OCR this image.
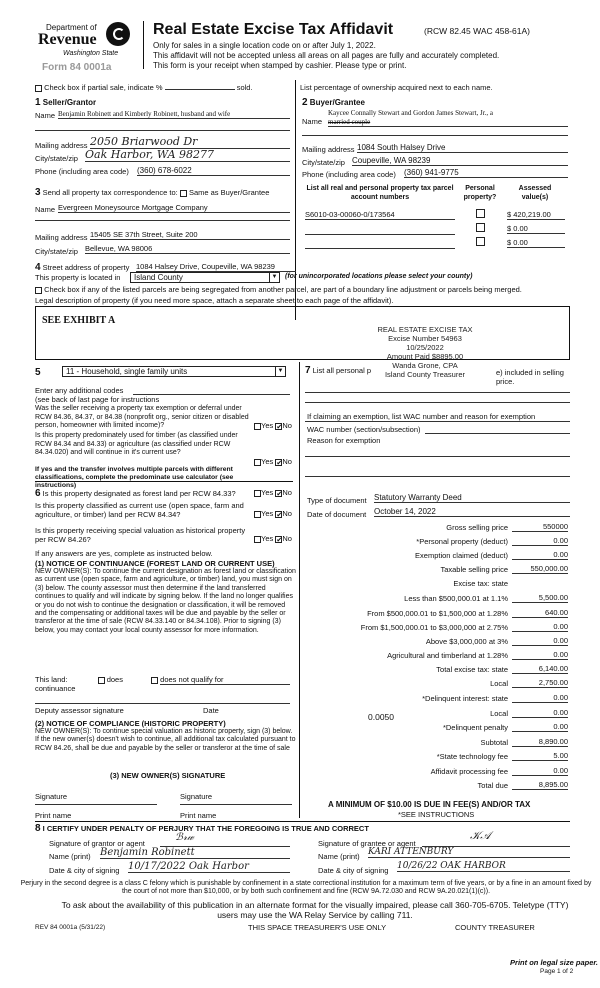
Department of
Revenue
Washington State
Form 84 0001a
Real Estate Excise Tax Affidavit	(RCW 82.45 WAC 458-61A)
Only for sales in a single location code on or after July 1, 2022.
This affidavit will not be accepted unless all areas on all pages are fully and accurately completed.
This form is your receipt when stamped by cashier. Please type or print.
Check box if partial sale, indicate %	sold.	List percentage of ownership acquired next to each name.
1 Seller/Grantor
Name Benjamin Robinett and Kimberly Robinett, husband and wife
Mailing address 2050 Briarwood Dr
City/state/zip Oak Harbor, WA 98277
Phone (including area code) (360) 678-6022
2 Buyer/Grantee
Name
Kaycee Connally Stewart and Gordon James Stewart, Jr., a
married couple
Mailing address 1084 South Halsey Drive
City/state/zip Coupeville, WA 98239
Phone (including area code) (360) 941-9775
3 Send all property tax correspondence to: Same as Buyer/Grantee
Name Evergreen Moneysource Mortgage Company
Mailing address 15405 SE 37th Street, Suite 200
City/state/zip Bellevue, WA 98006
List all real and personal property tax parcel account numbers
Personal property?
Assessed value(s)
S6010-03-00060-0/173564	$ 420,219.00
$ 0.00
$ 0.00
4 Street address of property 1084 Halsey Drive, Coupeville, WA 98239
This property is located in	Island County	▼ (for unincorporated locations please select your county)
Check box if any of the listed parcels are being segregated from another parcel, are part of a boundary line adjustment or parcels being merged.
Legal description of property (if you need more space, attach a separate sheet to each page of the affidavit).
SEE EXHIBIT A
REAL ESTATE EXCISE TAX
Excise Number 54963
10/25/2022
Amount Paid $8895.00
Wanda Grone, CPA
Island County Treasurer
5	11 - Household, single family units	▼
Enter any additional codes
(see back of last page for instructions
Was the seller receiving a property tax exemption or deferral under RCW 84.36, 84.37, or 84.38 (nonprofit org., senior citizen or disabled person, homeowner with limited income)?	Yes ✔ No
Is this property predominately used for timber (as classified under RCW 84.34 and 84.33) or agriculture (as classified under RCW 84.34.020) and will continue in it's current use?
If yes and the transfer involves multiple parcels with different classifications, complete the predominate use calculator (see instructions)
Yes ✔ No
7 List all personal p	e) included in selling price.
If claiming an exemption, list WAC number and reason for exemption
WAC number (section/subsection)
Reason for exemption
6 Is this property designated as forest land per RCW 84.33?	Yes ✔ No
Is this property classified as current use (open space, farm and agriculture, or timber) land per RCW 84.34?	Yes ✔ No
Is this property receiving special valuation as historical property per RCW 84.26?	Yes ✔ No
If any answers are yes, complete as instructed below.
(1) NOTICE OF CONTINUANCE (FOREST LAND OR CURRENT USE)
NEW OWNER(S): To continue the current designation as forest land or classification as current use (open space, farm and agriculture, or timber) land, you must sign on (3) below. The county assessor must then determine if the land transferred continues to qualify and will indicate by signing below. If the land no longer qualifies or you do not wish to continue the designation or classification, it will be removed and the compensating or additional taxes will be due and payable by the seller or transferor at the time of sale (RCW 84.33.140 or 84.34.108). Prior to signing (3) below, you may contact your local county assessor for more information.
This land:	does	does not qualify for
continuance
Deputy assessor signature	Date
(2) NOTICE OF COMPLIANCE (HISTORIC PROPERTY)
NEW OWNER(S): To continue special valuation as historic property, sign (3) below. If the new owner(s) doesn't wish to continue, all additional tax calculated pursuant to RCW 84.26, shall be due and payable by the seller or transferor at the time of sale
(3) NEW OWNER(S) SIGNATURE
Signature	Signature
Print name	Print name
Type of document Statutory Warranty Deed
Date of document October 14, 2022
Gross selling price	550000
*Personal property (deduct)	0.00
Exemption claimed (deduct)	0.00
Taxable selling price	550,000.00
Excise tax: state
Less than $500,000.01 at 1.1%	5,500.00
From $500,000.01 to $1,500,000 at 1.28%	640.00
From $1,500,000.01 to $3,000,000 at 2.75%	0.00
Above $3,000,000 at 3%	0.00
Agricultural and timberland at 1.28%	0.00
Total excise tax: state	6,140.00
Local	2,750.00
*Delinquent interest: state	0.00
Local	0.00
*Delinquent penalty	0.00
Subtotal	8,890.00
*State technology fee	5.00
Affidavit processing fee	0.00
Total due	8,895.00
0.0050
A MINIMUM OF $10.00 IS DUE IN FEE(S) AND/OR TAX
*SEE INSTRUCTIONS
8 I CERTIFY UNDER PENALTY OF PERJURY THAT THE FOREGOING IS TRUE AND CORRECT
Signature of grantor or agent
ℬ𝓇𝓌
Name (print) Benjamin Robinett
Date & city of signing 10/17/2022 Oak Harbor
Signature of grantee or agent
𝒦𝒜
Name (print) KARI ATTENBURY
Date & city of signing 10/26/22 OAK HARBOR
Perjury in the second degree is a class C felony which is punishable by confinement in a state correctional institution for a maximum term of five years, or by a fine in an amount fixed by the court of not more than $10,000, or by both such confinement and fine (RCW 9A.72.030 and RCW 9A.20.021(1)(c)).
To ask about the availability of this publication in an alternate format for the visually impaired, please call 360-705-6705. Teletype (TTY) users may use the WA Relay Service by calling 711.
REV 84 0001a (5/31/22)	THIS SPACE TREASURER'S USE ONLY	COUNTY TREASURER
Print on legal size paper.
Page 1 of 2
